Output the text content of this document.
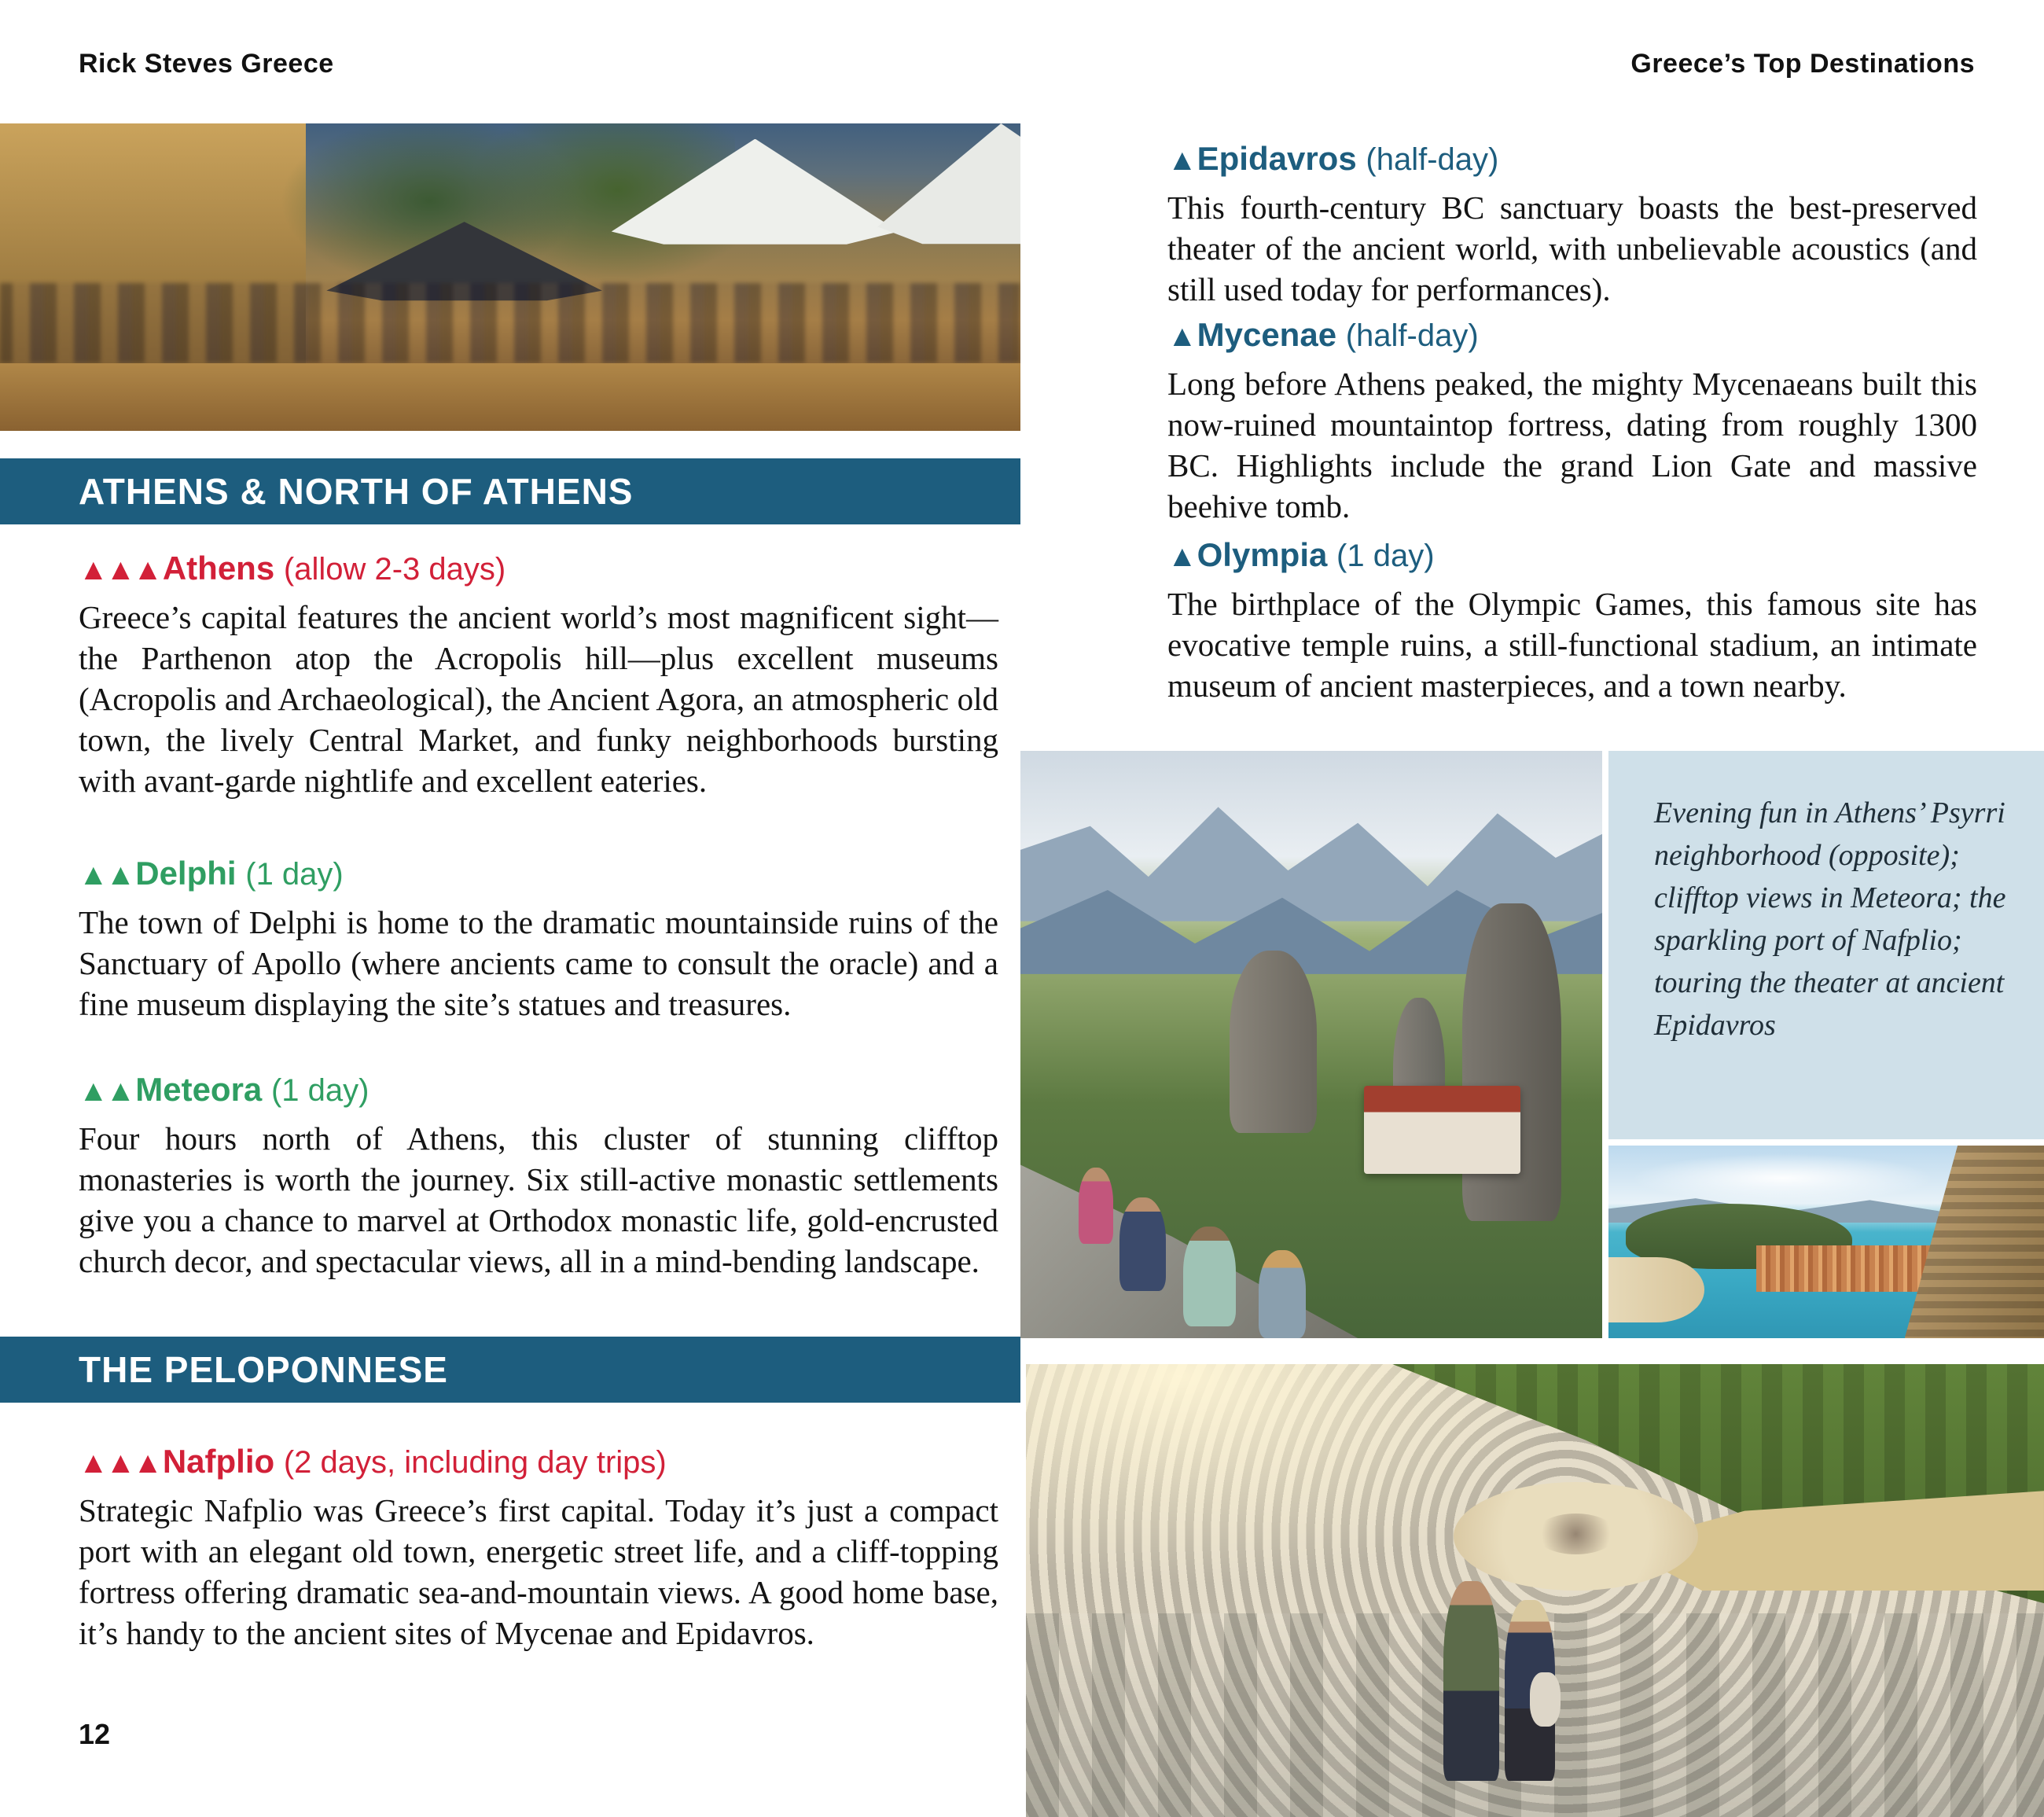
Rick Steves Greece	Greece’s Top Destinations
ATHENS & NORTH OF ATHENS
▲▲▲Athens (allow 2-3 days)

Greece’s capital features the ancient world’s most magnificent sight—the Parthenon atop the Acropolis hill—plus excellent museums (Acropolis and Archaeological), the Ancient Agora, an atmospheric old town, the lively Central Market, and funky neighborhoods bursting with avant-garde nightlife and excellent eateries.

▲▲Delphi (1 day)

The town of Delphi is home to the dramatic mountainside ruins of the Sanctuary of Apollo (where ancients came to consult the oracle) and a fine museum displaying the site’s statues and treasures.

▲▲Meteora (1 day)

Four hours north of Athens, this cluster of stunning clifftop monasteries is worth the journey. Six still-active monastic settlements give you a chance to marvel at Orthodox monastic life, gold-encrusted church decor, and spectacular views, all in a mind-bending landscape.

THE PELOPONNESE
▲▲▲Nafplio (2 days, including day trips)

Strategic Nafplio was Greece’s first capital. Today it’s just a compact port with an elegant old town, energetic street life, and a cliff-topping fortress offering dramatic sea-and-mountain views. A good home base, it’s handy to the ancient sites of Mycenae and Epidavros.

12
▲Epidavros (half-day)

This fourth-century BC sanctuary boasts the best-preserved theater of the ancient world, with unbelievable acoustics (and still used today for performances).

▲Mycenae (half-day)

Long before Athens peaked, the mighty Mycenaeans built this now-ruined mountaintop fortress, dating from roughly 1300 BC. Highlights include the grand Lion Gate and massive beehive tomb.

▲Olympia (1 day)

The birthplace of the Olympic Games, this famous site has evocative temple ruins, a still-functional stadium, an intimate museum of ancient masterpieces, and a town nearby.

Evening fun in Athens’ Psyrri neighborhood (opposite); clifftop views in Meteora; the sparkling port of Nafplio; touring the theater at ancient Epidavros
